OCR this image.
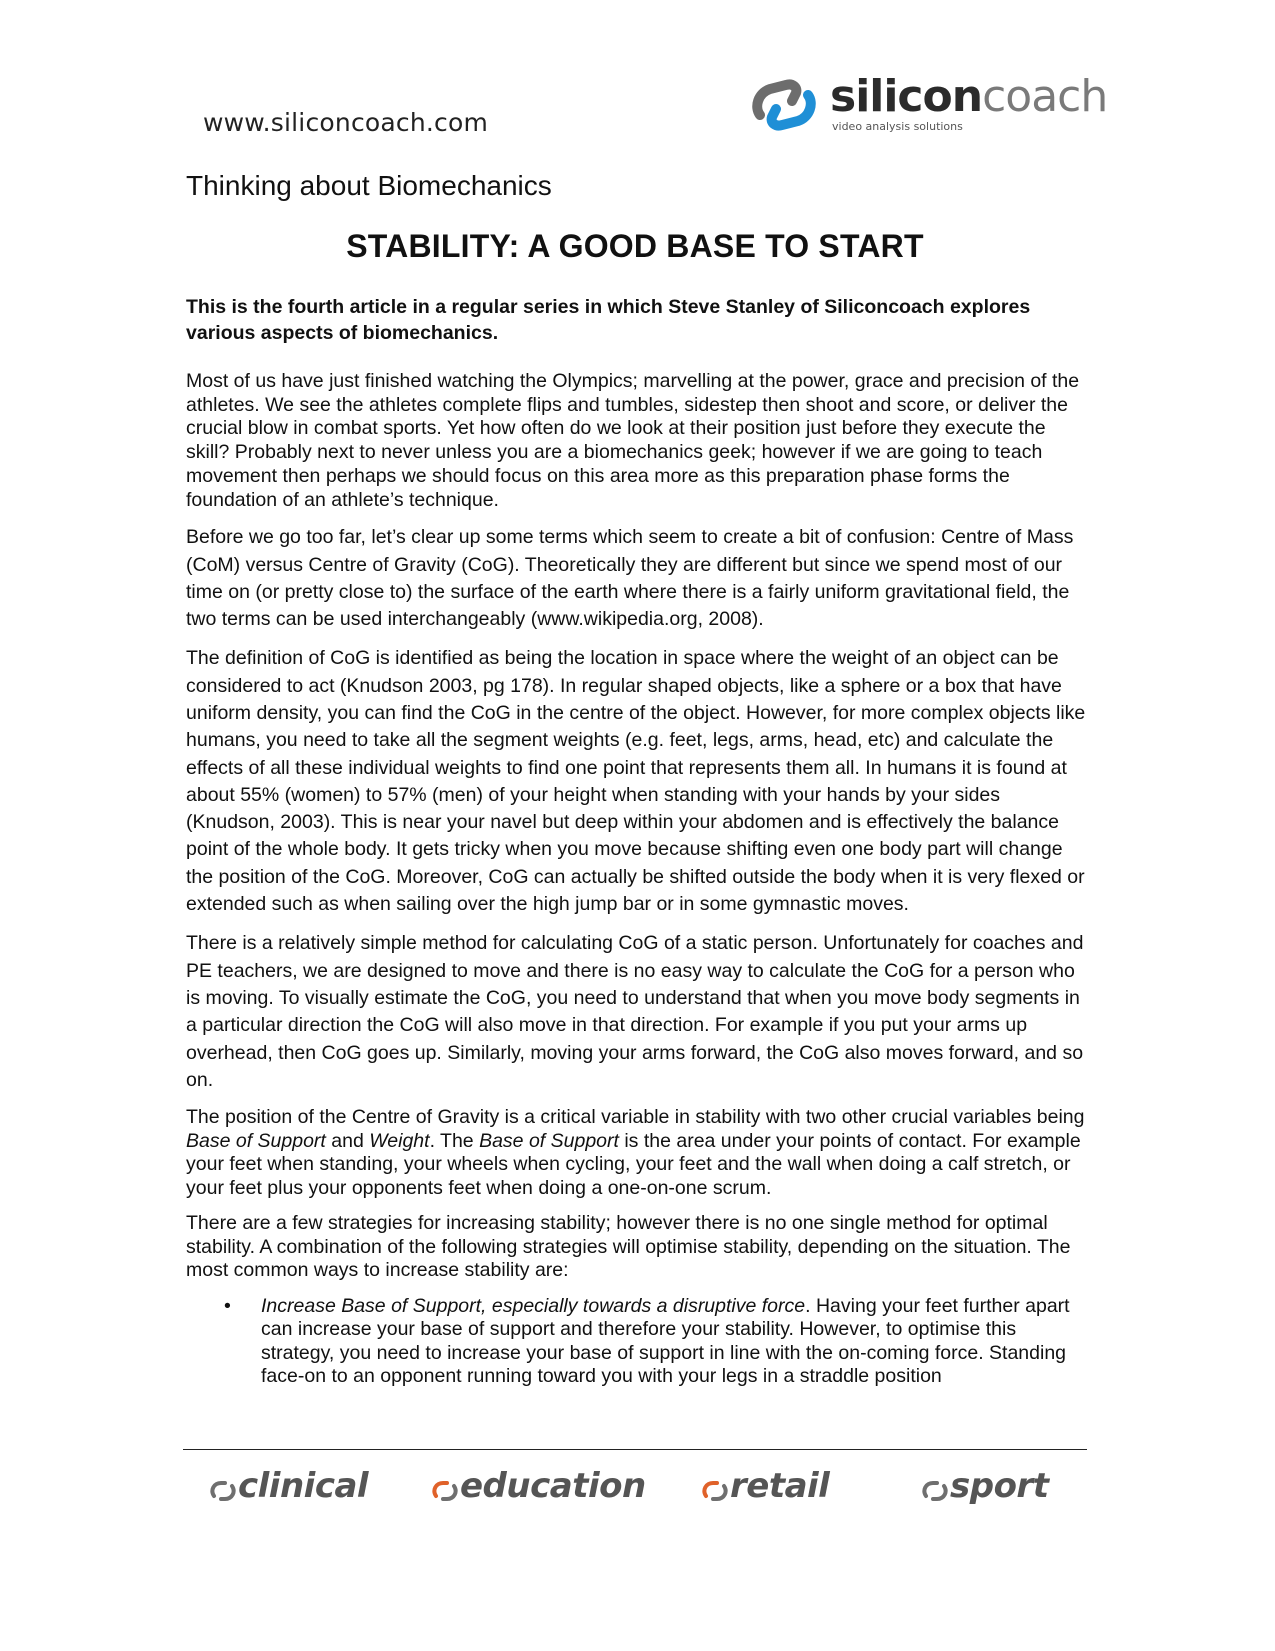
www.siliconcoach.com
siliconcoach
video analysis solutions
Thinking about Biomechanics
STABILITY: A GOOD BASE TO START
This is the fourth article in a regular series in which Steve Stanley of Siliconcoach explores various aspects of biomechanics.

Most of us have just finished watching the Olympics; marvelling at the power, grace and precision of the athletes. We see the athletes complete flips and tumbles, sidestep then shoot and score, or deliver the crucial blow in combat sports. Yet how often do we look at their position just before they execute the skill? Probably next to never unless you are a biomechanics geek; however if we are going to teach movement then perhaps we should focus on this area more as this preparation phase forms the foundation of an athlete’s technique.

Before we go too far, let’s clear up some terms which seem to create a bit of confusion: Centre of Mass (CoM) versus Centre of Gravity (CoG). Theoretically they are different but since we spend most of our time on (or pretty close to) the surface of the earth where there is a fairly uniform gravitational field, the two terms can be used interchangeably (www.wikipedia.org, 2008).

The definition of CoG is identified as being the location in space where the weight of an object can be considered to act (Knudson 2003, pg 178). In regular shaped objects, like a sphere or a box that have uniform density, you can find the CoG in the centre of the object. However, for more complex objects like humans, you need to take all the segment weights (e.g. feet, legs, arms, head, etc) and calculate the effects of all these individual weights to find one point that represents them all. In humans it is found at about 55% (women) to 57% (men) of your height when standing with your hands by your sides (Knudson, 2003). This is near your navel but deep within your abdomen and is effectively the balance point of the whole body. It gets tricky when you move because shifting even one body part will change the position of the CoG. Moreover, CoG can actually be shifted outside the body when it is very flexed or extended such as when sailing over the high jump bar or in some gymnastic moves.

There is a relatively simple method for calculating CoG of a static person. Unfortunately for coaches and PE teachers, we are designed to move and there is no easy way to calculate the CoG for a person who is moving. To visually estimate the CoG, you need to understand that when you move body segments in a particular direction the CoG will also move in that direction. For example if you put your arms up overhead, then CoG goes up. Similarly, moving your arms forward, the CoG also moves forward, and so on.

The position of the Centre of Gravity is a critical variable in stability with two other crucial variables being Base of Support and Weight. The Base of Support is the area under your points of contact. For example your feet when standing, your wheels when cycling, your feet and the wall when doing a calf stretch, or your feet plus your opponents feet when doing a one-on-one scrum.

There are a few strategies for increasing stability; however there is no one single method for optimal stability. A combination of the following strategies will optimise stability, depending on the situation. The most common ways to increase stability are:

• Increase Base of Support, especially towards a disruptive force. Having your feet further apart can increase your base of support and therefore your stability. However, to optimise this strategy, you need to increase your base of support in line with the on-coming force. Standing face-on to an opponent running toward you with your legs in a straddle position
clinical	education retail	sport
